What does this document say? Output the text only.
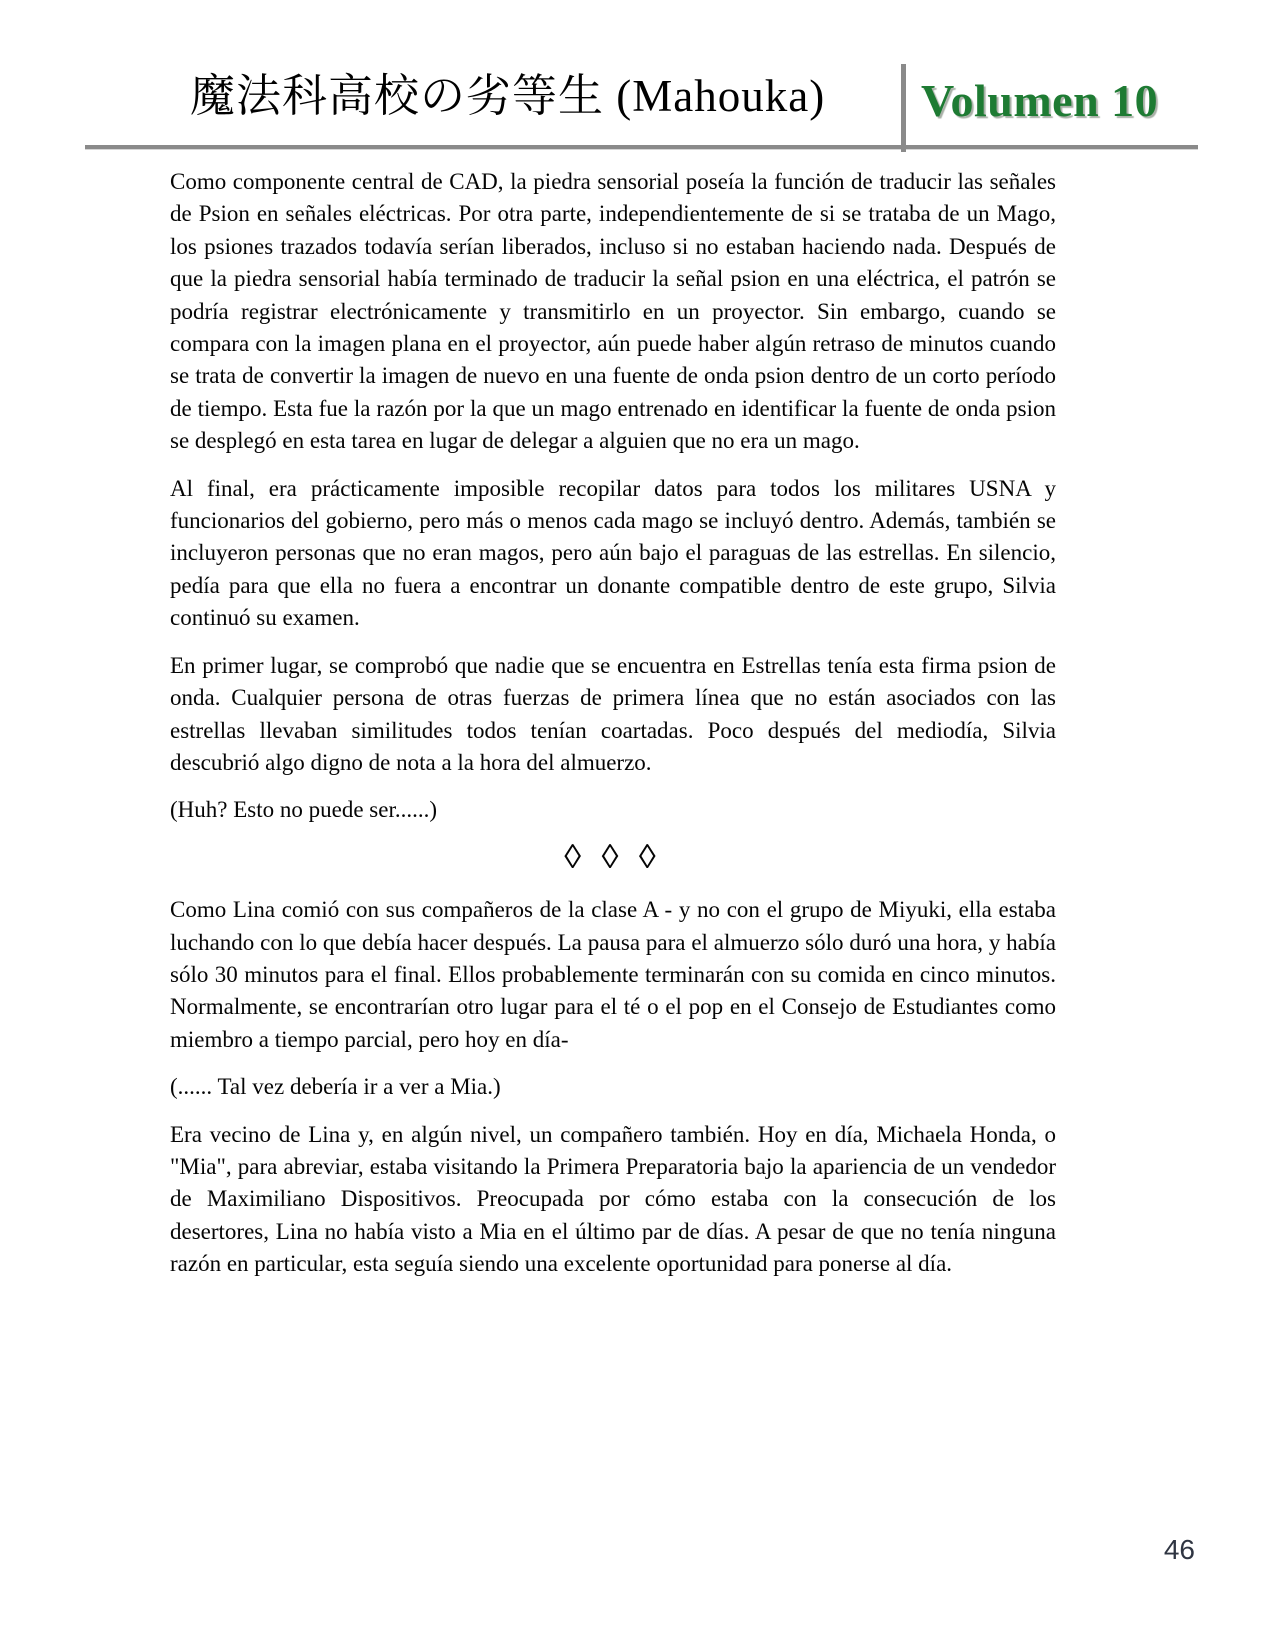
魔法科高校の劣等生 (Mahouka)	Volumen 10

Como componente central de CAD, la piedra sensorial poseía la función de traducir las señales de Psion en señales eléctricas. Por otra parte, independientemente de si se trataba de un Mago, los psiones trazados todavía serían liberados, incluso si no estaban haciendo nada. Después de que la piedra sensorial había terminado de traducir la señal psion en una eléctrica, el patrón se podría registrar electrónicamente y transmitirlo en un proyector. Sin embargo, cuando se compara con la imagen plana en el proyector, aún puede haber algún retraso de minutos cuando se trata de convertir la imagen de nuevo en una fuente de onda psion dentro de un corto período de tiempo. Esta fue la razón por la que un mago entrenado en identificar la fuente de onda psion se desplegó en esta tarea en lugar de delegar a alguien que no era un mago.

Al final, era prácticamente imposible recopilar datos para todos los militares USNA y funcionarios del gobierno, pero más o menos cada mago se incluyó dentro. Además, también se incluyeron personas que no eran magos, pero aún bajo el paraguas de las estrellas. En silencio, pedía para que ella no fuera a encontrar un donante compatible dentro de este grupo, Silvia continuó su examen.

En primer lugar, se comprobó que nadie que se encuentra en Estrellas tenía esta firma psion de onda. Cualquier persona de otras fuerzas de primera línea que no están asociados con las estrellas llevaban similitudes todos tenían coartadas. Poco después del mediodía, Silvia descubrió algo digno de nota a la hora del almuerzo.

(Huh? Esto no puede ser......)

◊ ◊ ◊

Como Lina comió con sus compañeros de la clase A - y no con el grupo de Miyuki, ella estaba luchando con lo que debía hacer después. La pausa para el almuerzo sólo duró una hora, y había sólo 30 minutos para el final. Ellos probablemente terminarán con su comida en cinco minutos. Normalmente, se encontrarían otro lugar para el té o el pop en el Consejo de Estudiantes como miembro a tiempo parcial, pero hoy en día-

(...... Tal vez debería ir a ver a Mia.)

Era vecino de Lina y, en algún nivel, un compañero también. Hoy en día, Michaela Honda, o "Mia", para abreviar, estaba visitando la Primera Preparatoria bajo la apariencia de un vendedor de Maximiliano Dispositivos. Preocupada por cómo estaba con la consecución de los desertores, Lina no había visto a Mia en el último par de días. A pesar de que no tenía ninguna razón en particular, esta seguía siendo una excelente oportunidad para ponerse al día.

46
